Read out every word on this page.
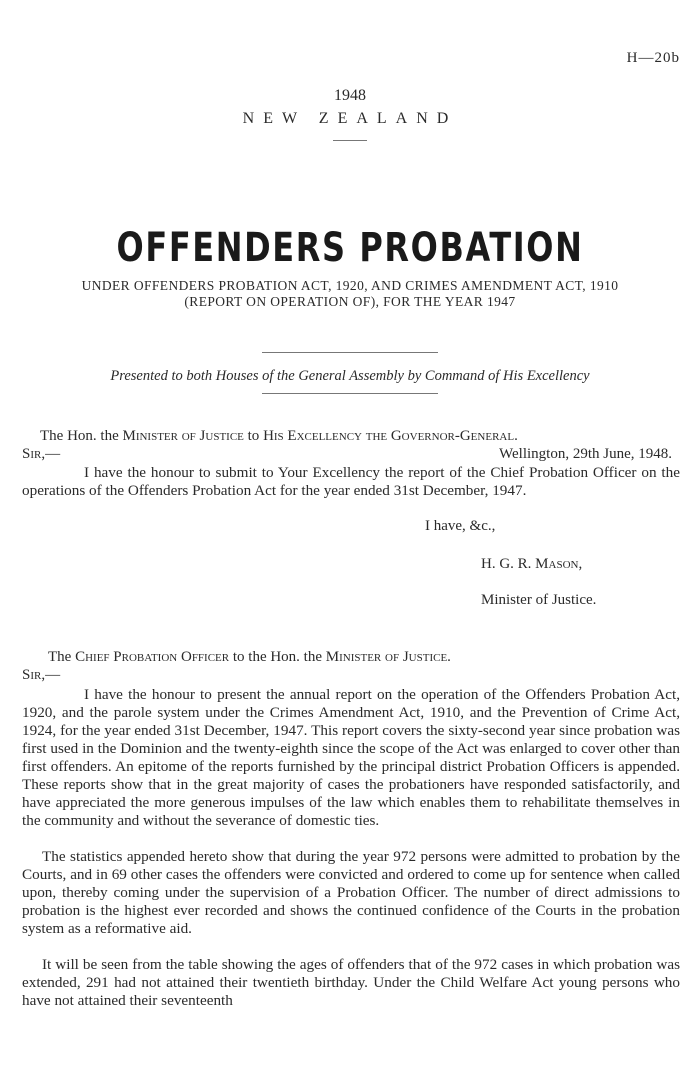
H—20b
1948
NEW ZEALAND
OFFENDERS PROBATION
UNDER OFFENDERS PROBATION ACT, 1920, AND CRIMES AMENDMENT ACT, 1910
(REPORT ON OPERATION OF), FOR THE YEAR 1947
Presented to both Houses of the General Assembly by Command of His Excellency
The Hon. the Minister of Justice to His Excellency the Governor-General.
Sir,—	Wellington, 29th June, 1948.

I have the honour to submit to Your Excellency the report of the Chief Probation Officer on the operations of the Offenders Probation Act for the year ended 31st December, 1947.

I have, &c.,
H. G. R. Mason,
Minister of Justice.
The Chief Probation Officer to the Hon. the Minister of Justice.
Sir,—

I have the honour to present the annual report on the operation of the Offenders Probation Act, 1920, and the parole system under the Crimes Amendment Act, 1910, and the Prevention of Crime Act, 1924, for the year ended 31st December, 1947. This report covers the sixty-second year since probation was first used in the Dominion and the twenty-eighth since the scope of the Act was enlarged to cover other than first offenders. An epitome of the reports furnished by the principal district Probation Officers is appended. These reports show that in the great majority of cases the probationers have responded satisfactorily, and have appreciated the more generous impulses of the law which enables them to rehabilitate themselves in the community and without the severance of domestic ties.

The statistics appended hereto show that during the year 972 persons were admitted to probation by the Courts, and in 69 other cases the offenders were convicted and ordered to come up for sentence when called upon, thereby coming under the supervision of a Probation Officer. The number of direct admissions to probation is the highest ever recorded and shows the continued confidence of the Courts in the probation system as a reformative aid.

It will be seen from the table showing the ages of offenders that of the 972 cases in which probation was extended, 291 had not attained their twentieth birthday. Under the Child Welfare Act young persons who have not attained their seventeenth
